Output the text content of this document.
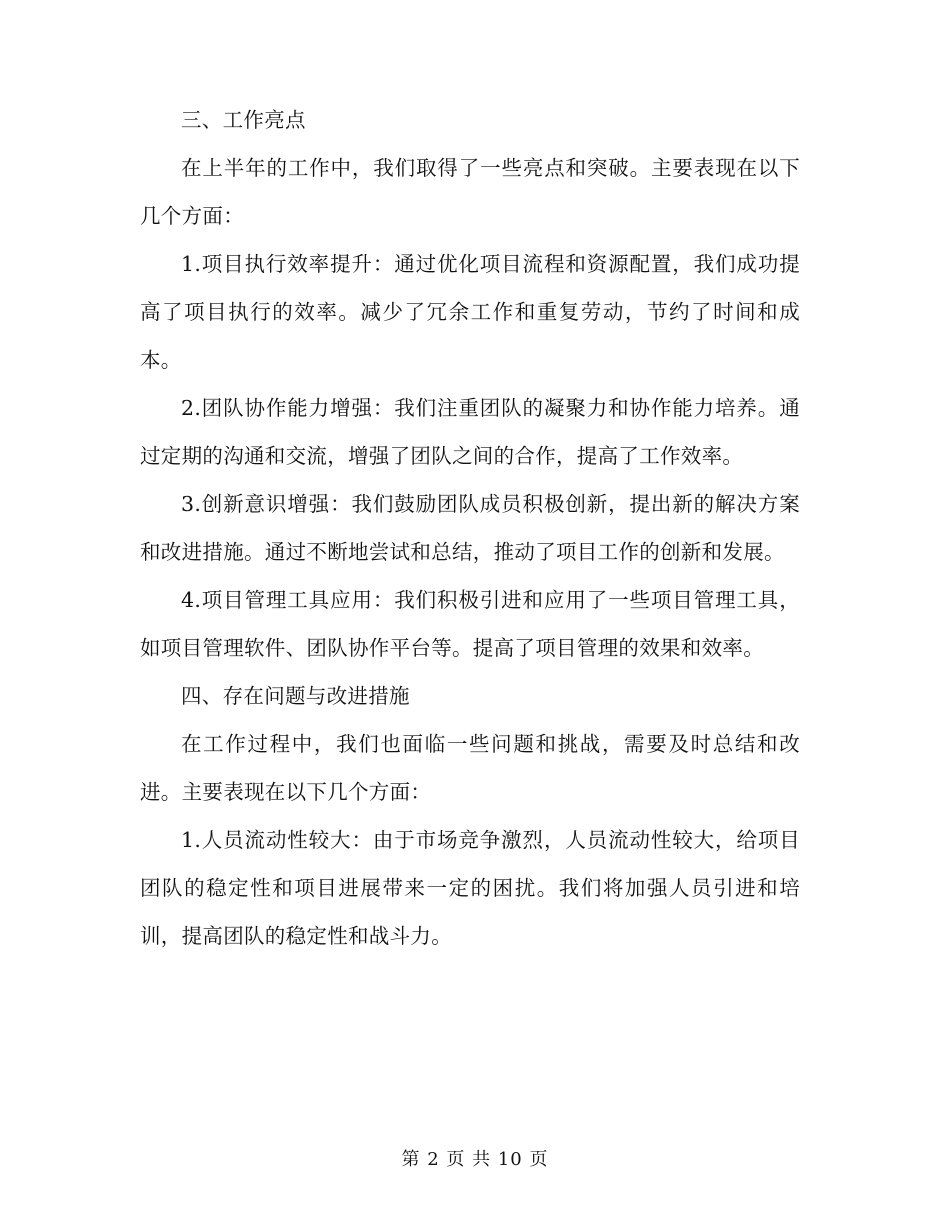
三、工作亮点

在上半年的工作中，我们取得了一些亮点和突破。主要表现在以下几个方面：

1.项目执行效率提升：通过优化项目流程和资源配置，我们成功提高了项目执行的效率。减少了冗余工作和重复劳动，节约了时间和成本。

2.团队协作能力增强：我们注重团队的凝聚力和协作能力培养。通过定期的沟通和交流，增强了团队之间的合作，提高了工作效率。

3.创新意识增强：我们鼓励团队成员积极创新，提出新的解决方案和改进措施。通过不断地尝试和总结，推动了项目工作的创新和发展。

4.项目管理工具应用：我们积极引进和应用了一些项目管理工具，如项目管理软件、团队协作平台等。提高了项目管理的效果和效率。

四、存在问题与改进措施

在工作过程中，我们也面临一些问题和挑战，需要及时总结和改进。主要表现在以下几个方面：

1.人员流动性较大：由于市场竞争激烈，人员流动性较大，给项目团队的稳定性和项目进展带来一定的困扰。我们将加强人员引进和培训，提高团队的稳定性和战斗力。

第 2 页 共 10 页
